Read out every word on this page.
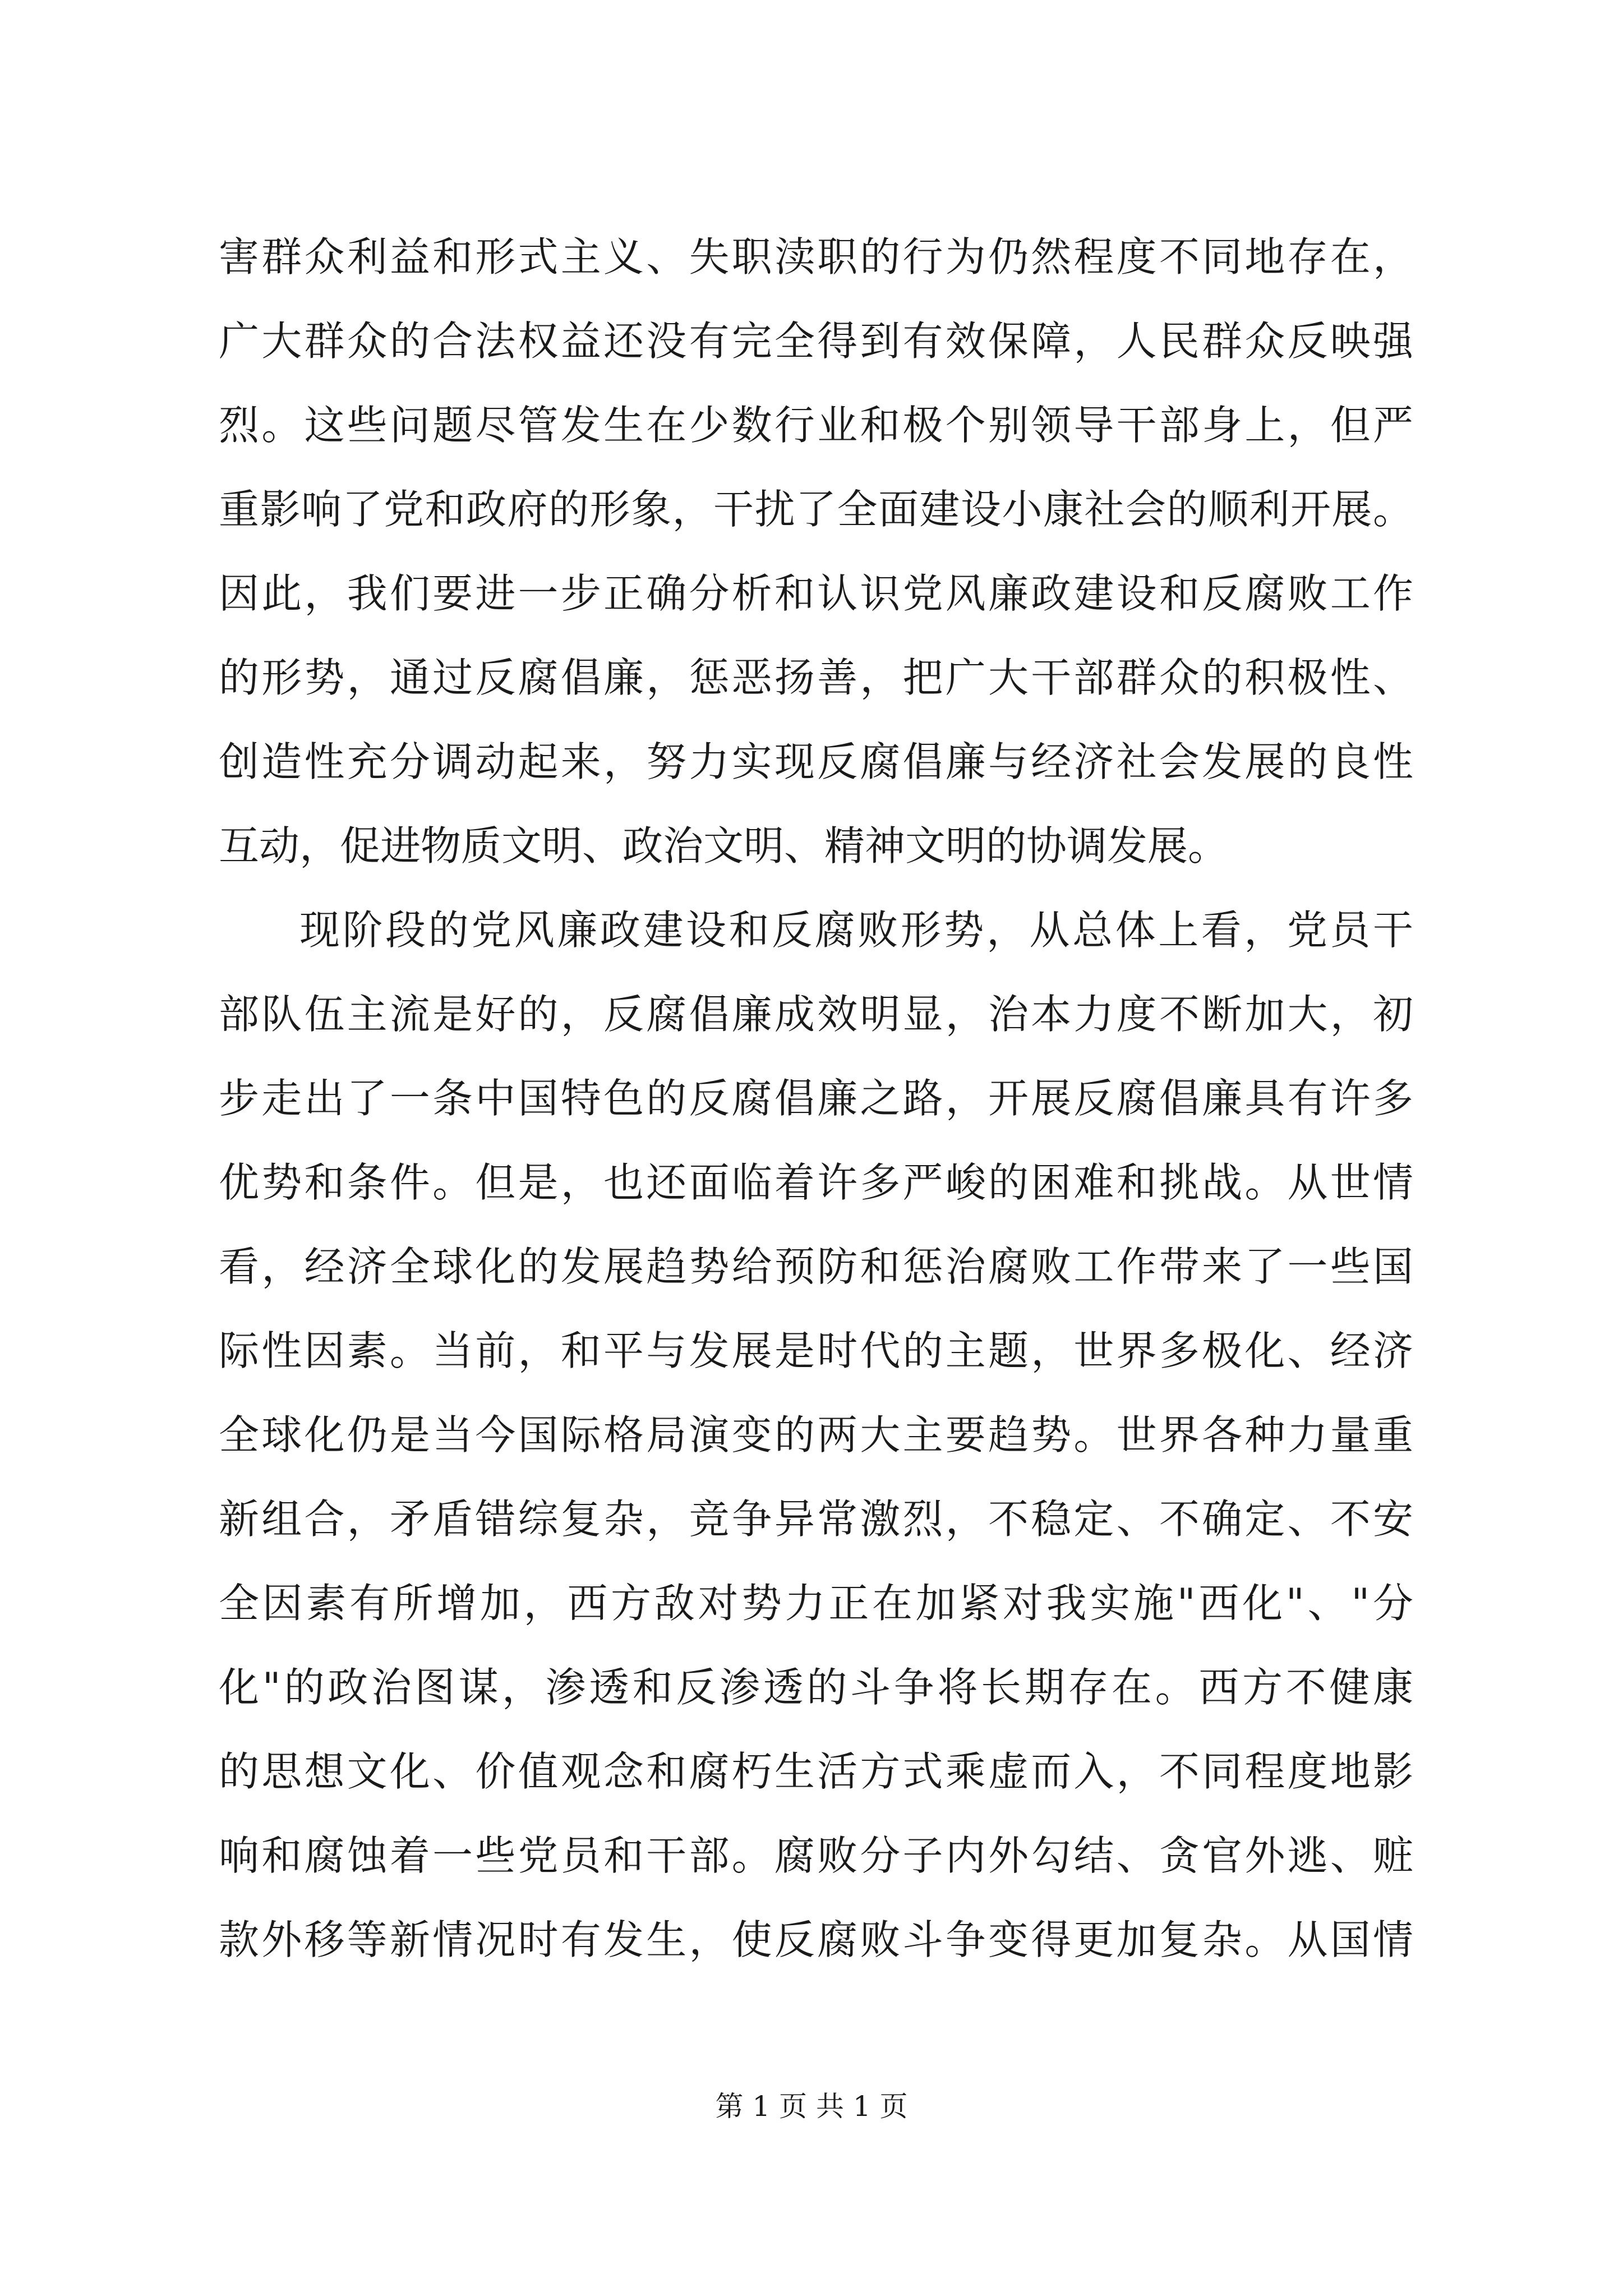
害群众利益和形式主义、失职渎职的行为仍然程度不同地存在，
广大群众的合法权益还没有完全得到有效保障，人民群众反映强
烈。这些问题尽管发生在少数行业和极个别领导干部身上，但严
重影响了党和政府的形象，干扰了全面建设小康社会的顺利开展。
因此，我们要进一步正确分析和认识党风廉政建设和反腐败工作
的形势，通过反腐倡廉，惩恶扬善，把广大干部群众的积极性、
创造性充分调动起来，努力实现反腐倡廉与经济社会发展的良性
互动，促进物质文明、政治文明、精神文明的协调发展。
现阶段的党风廉政建设和反腐败形势，从总体上看，党员干
部队伍主流是好的，反腐倡廉成效明显，治本力度不断加大，初
步走出了一条中国特色的反腐倡廉之路，开展反腐倡廉具有许多
优势和条件。但是，也还面临着许多严峻的困难和挑战。从世情
看，经济全球化的发展趋势给预防和惩治腐败工作带来了一些国
际性因素。当前，和平与发展是时代的主题，世界多极化、经济
全球化仍是当今国际格局演变的两大主要趋势。世界各种力量重
新组合，矛盾错综复杂，竞争异常激烈，不稳定、不确定、不安
全因素有所增加，西方敌对势力正在加紧对我实施"西化"、"分
化"的政治图谋，渗透和反渗透的斗争将长期存在。西方不健康
的思想文化、价值观念和腐朽生活方式乘虚而入，不同程度地影
响和腐蚀着一些党员和干部。腐败分子内外勾结、贪官外逃、赃
款外移等新情况时有发生，使反腐败斗争变得更加复杂。从国情
第 1 页 共 1 页
